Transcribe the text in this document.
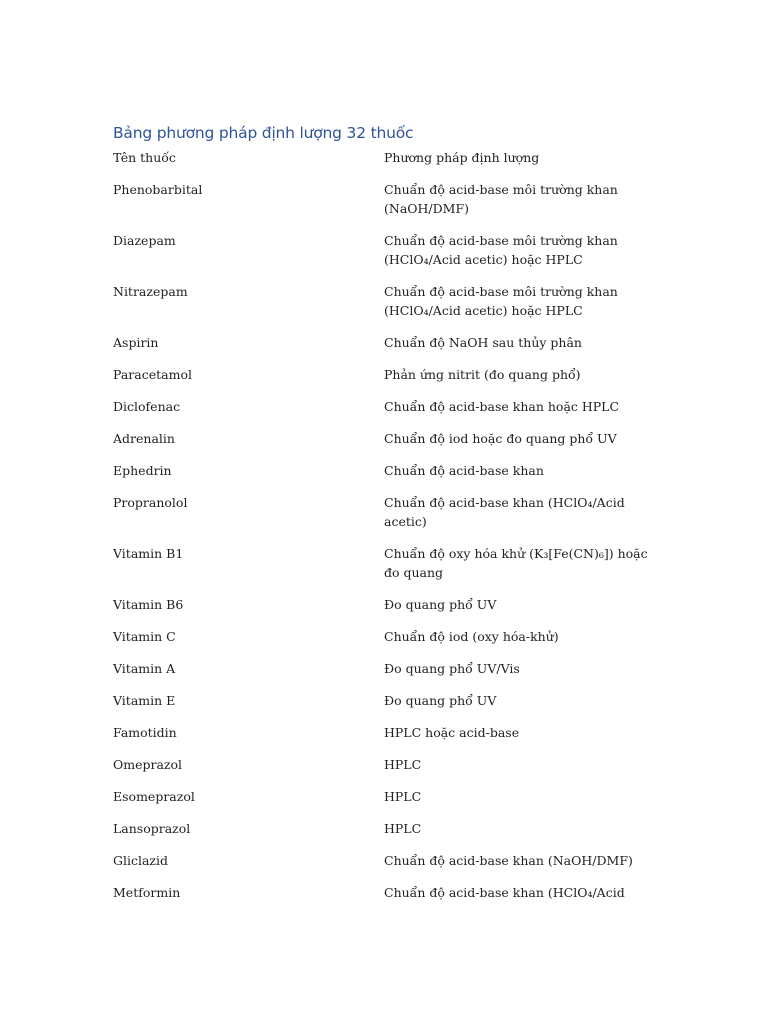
Bảng phương pháp định lượng 32 thuốc
Tên thuốc	Phương pháp định lượng
Phenobarbital	Chuẩn độ acid-base môi trường khan (NaOH/DMF)
Diazepam	Chuẩn độ acid-base môi trường khan (HClO₄/Acid acetic) hoặc HPLC
Nitrazepam	Chuẩn độ acid-base môi trường khan (HClO₄/Acid acetic) hoặc HPLC
Aspirin	Chuẩn độ NaOH sau thủy phân
Paracetamol	Phản ứng nitrit (đo quang phổ)
Diclofenac	Chuẩn độ acid-base khan hoặc HPLC
Adrenalin	Chuẩn độ iod hoặc đo quang phổ UV
Ephedrin	Chuẩn độ acid-base khan
Propranolol	Chuẩn độ acid-base khan (HClO₄/Acid acetic)
Vitamin B1	Chuẩn độ oxy hóa khử (K₃[Fe(CN)₆]) hoặc đo quang
Vitamin B6	Đo quang phổ UV
Vitamin C	Chuẩn độ iod (oxy hóa-khử)
Vitamin A	Đo quang phổ UV/Vis
Vitamin E	Đo quang phổ UV
Famotidin	HPLC hoặc acid-base
Omeprazol	HPLC
Esomeprazol	HPLC
Lansoprazol	HPLC
Gliclazid	Chuẩn độ acid-base khan (NaOH/DMF)
Metformin	Chuẩn độ acid-base khan (HClO₄/Acid
